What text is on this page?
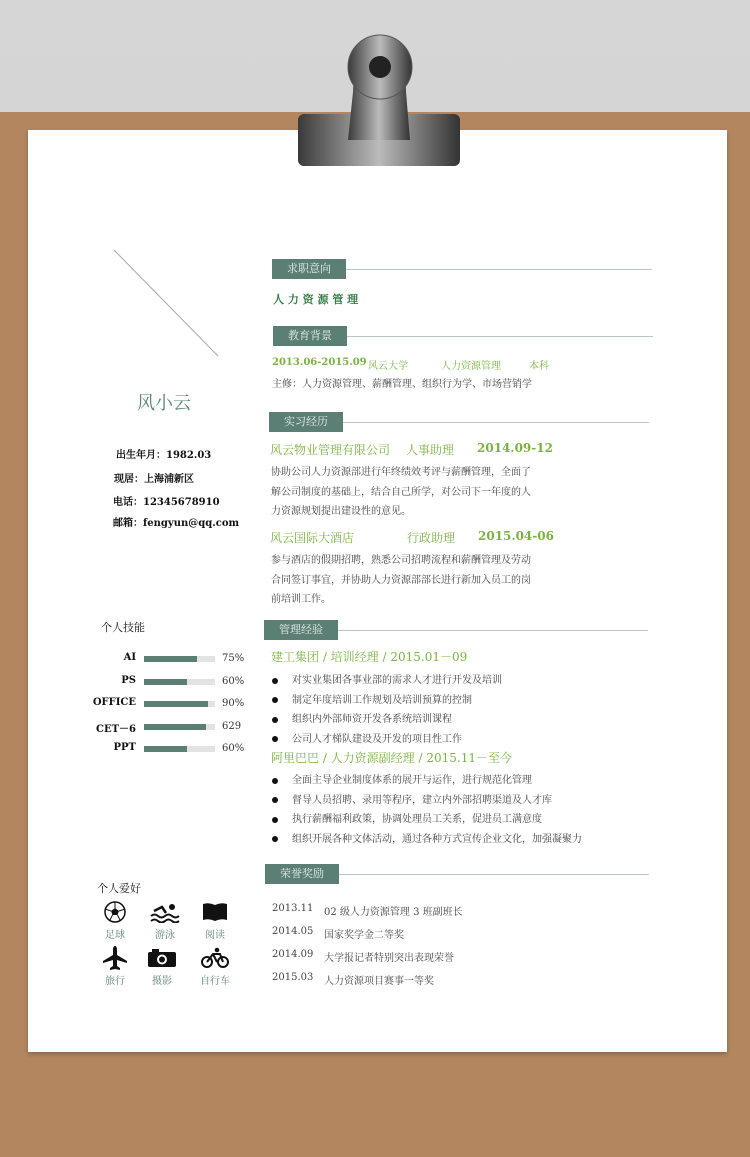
风小云
出生年月：1982.03
现居：上海浦新区
电话：12345678910
邮箱：fengyun@qq.com
个人技能
AI	75%
PS	60%
OFFICE	90%
CET－6	629
PPT	60%
个人爱好
足球	游泳	阅读
旅行	摄影	自行车
求职意向
人 力 资 源 管 理
教育背景
2013.06-2015.09 风云大学	人力资源管理	本科
主修：人力资源管理、薪酬管理、组织行为学、市场营销学
实习经历
风云物业管理有限公司 人事助理 2014.09-12
协助公司人力资源部进行年终绩效考评与薪酬管理，全面了
解公司制度的基础上，结合自己所学，对公司下一年度的人
力资源规划提出建设性的意见。
风云国际大酒店	行政助理 2015.04-06
参与酒店的假期招聘，熟悉公司招聘流程和薪酬管理及劳动
合同签订事宜，并协助人力资源部部长进行新加入员工的岗
前培训工作。
管理经验
建工集团 / 培训经理 / 2015.01－09
对实业集团各事业部的需求人才进行开发及培训
制定年度培训工作规划及培训预算的控制
组织内外部师资开发各系统培训课程
公司人才梯队建设及开发的项目性工作
阿里巴巴 / 人力资源副经理 / 2015.11－至今
全面主导企业制度体系的展开与运作，进行规范化管理
督导人员招聘、录用等程序，建立内外部招聘渠道及人才库
执行薪酬福利政策，协调处理员工关系，促进员工满意度
组织开展各种文体活动，通过各种方式宣传企业文化，加强凝聚力
荣誉奖励
2013.11 02 级人力资源管理 3 班副班长
2014.05 国家奖学金二等奖
2014.09 大学报记者特别突出表现荣誉
2015.03 人力资源项目赛事一等奖
